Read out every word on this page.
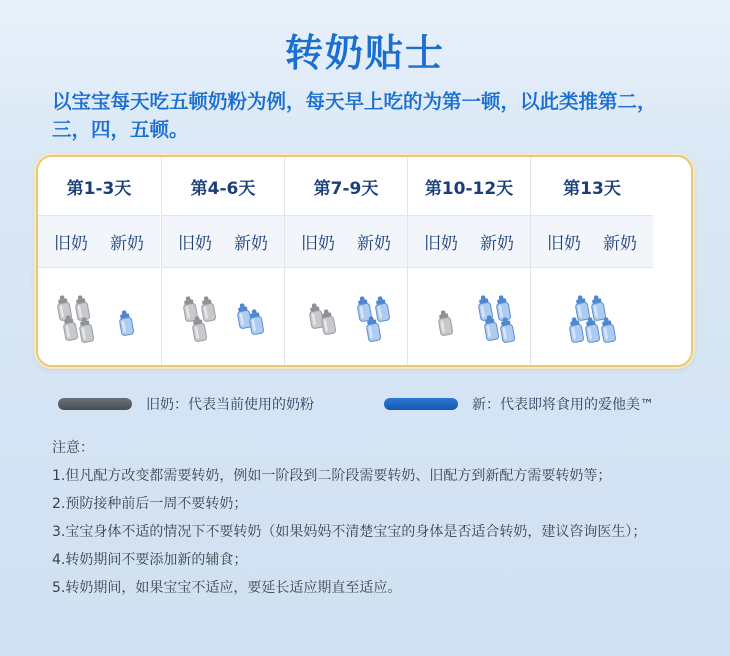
转奶贴士
以宝宝每天吃五顿奶粉为例，每天早上吃的为第一顿，以此类推第二，三，四，五顿。
第1-3天
旧奶 新奶
第4-6天
旧奶 新奶
第7-9天
旧奶 新奶
第10-12天
旧奶 新奶
第13天
旧奶 新奶
旧奶：代表当前使用的奶粉	新：代表即将食用的爱他美™

注意：

1.但凡配方改变都需要转奶，例如一阶段到二阶段需要转奶、旧配方到新配方需要转奶等；

2.预防接种前后一周不要转奶；

3.宝宝身体不适的情况下不要转奶（如果妈妈不清楚宝宝的身体是否适合转奶，建议咨询医生）；

4.转奶期间不要添加新的辅食；

5.转奶期间，如果宝宝不适应，要延长适应期直至适应。
